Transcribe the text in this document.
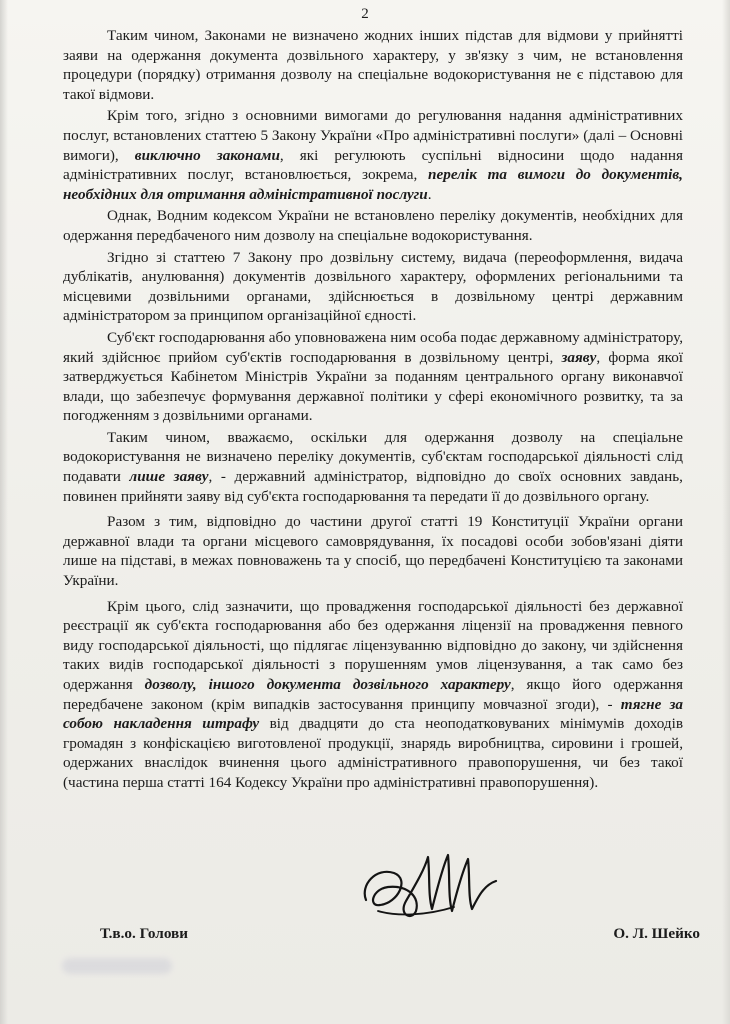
2

Таким чином, Законами не визначено жодних інших підстав для відмови у прийнятті заяви на одержання документа дозвільного характеру, у зв'язку з чим, не встановлення процедури (порядку) отримання дозволу на спеціальне водокористування не є підставою для такої відмови.

Крім того, згідно з основними вимогами до регулювання надання адміністративних послуг, встановлених статтею 5 Закону України «Про адміністративні послуги» (далі – Основні вимоги), виключно законами, які регулюють суспільні відносини щодо надання адміністративних послуг, встановлюється, зокрема, перелік та вимоги до документів, необхідних для отримання адміністративної послуги.

Однак, Водним кодексом України не встановлено переліку документів, необхідних для одержання передбаченого ним дозволу на спеціальне водокористування.

Згідно зі статтею 7 Закону про дозвільну систему, видача (переоформлення, видача дублікатів, анулювання) документів дозвільного характеру, оформлених регіональними та місцевими дозвільними органами, здійснюється в дозвільному центрі державним адміністратором за принципом організаційної єдності.

Суб'єкт господарювання або уповноважена ним особа подає державному адміністратору, який здійснює прийом суб'єктів господарювання в дозвільному центрі, заяву, форма якої затверджується Кабінетом Міністрів України за поданням центрального органу виконавчої влади, що забезпечує формування державної політики у сфері економічного розвитку, та за погодженням з дозвільними органами.

Таким чином, вважаємо, оскільки для одержання дозволу на спеціальне водокористування не визначено переліку документів, суб'єктам господарської діяльності слід подавати лише заяву, - державний адміністратор, відповідно до своїх основних завдань, повинен прийняти заяву від суб'єкта господарювання та передати її до дозвільного органу.

Разом з тим, відповідно до частини другої статті 19 Конституції України органи державної влади та органи місцевого самоврядування, їх посадові особи зобов'язані діяти лише на підставі, в межах повноважень та у спосіб, що передбачені Конституцією та законами України.

Крім цього, слід зазначити, що провадження господарської діяльності без державної реєстрації як суб'єкта господарювання або без одержання ліцензії на провадження певного виду господарської діяльності, що підлягає ліцензуванню відповідно до закону, чи здійснення таких видів господарської діяльності з порушенням умов ліцензування, а так само без одержання дозволу, іншого документа дозвільного характеру, якщо його одержання передбачене законом (крім випадків застосування принципу мовчазної згоди), - тягне за собою накладення штрафу від двадцяти до ста неоподатковуваних мінімумів доходів громадян з конфіскацією виготовленої продукції, знарядь виробництва, сировини і грошей, одержаних внаслідок вчинення цього адміністративного правопорушення, чи без такої (частина перша статті 164 Кодексу України про адміністративні правопорушення).

Т.в.о. Голови	О. Л. Шейко
